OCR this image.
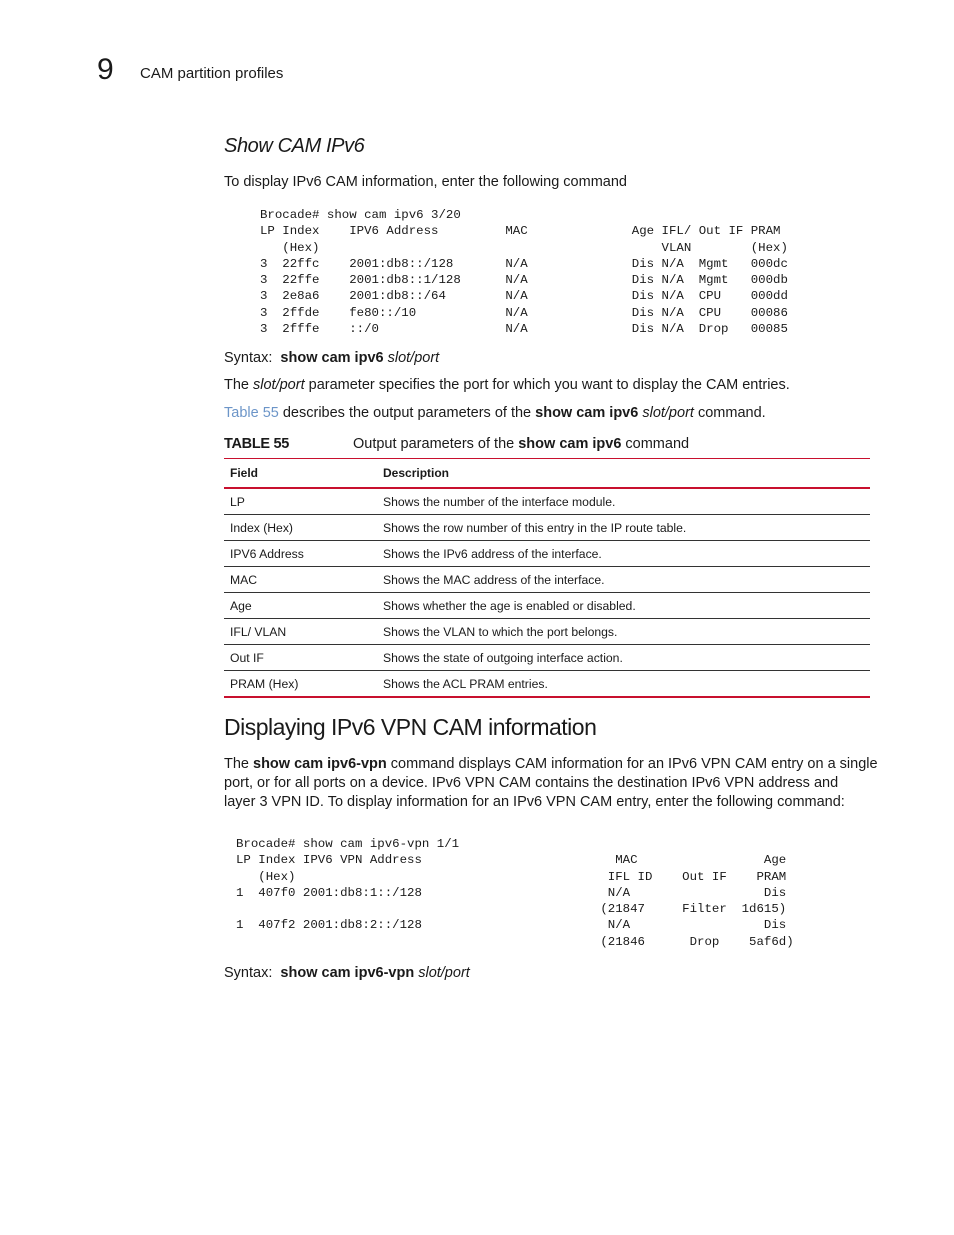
9 CAM partition profiles
Show CAM IPv6
To display IPv6 CAM information, enter the following command
Brocade# show cam ipv6 3/20
LP Index    IPV6 Address         MAC              Age IFL/ Out IF PRAM
(Hex)                                              VLAN        (Hex)
3  22ffc    2001:db8::/128       N/A              Dis N/A  Mgmt   000dc
3  22ffe    2001:db8::1/128      N/A              Dis N/A  Mgmt   000db
3  2e8a6    2001:db8::/64        N/A              Dis N/A  CPU    000dd
3  2ffde    fe80::/10            N/A              Dis N/A  CPU    00086
3  2fffe    ::/0                 N/A              Dis N/A  Drop   00085
Syntax: show cam ipv6 slot/port
The slot/port parameter specifies the port for which you want to display the CAM entries.
Table 55 describes the output parameters of the show cam ipv6 slot/port command.
TABLE 55	Output parameters of the show cam ipv6 command
Field	Description
LP	Shows the number of the interface module.
Index (Hex)	Shows the row number of this entry in the IP route table.
IPV6 Address	Shows the IPv6 address of the interface.
MAC	Shows the MAC address of the interface.
Age	Shows whether the age is enabled or disabled.
IFL/ VLAN	Shows the VLAN to which the port belongs.
Out IF	Shows the state of outgoing interface action.
PRAM (Hex)	Shows the ACL PRAM entries.
Displaying IPv6 VPN CAM information
The show cam ipv6-vpn command displays CAM information for an IPv6 VPN CAM entry on a single
port, or for all ports on a device. IPv6 VPN CAM contains the destination IPv6 VPN address and
layer 3 VPN ID. To display information for an IPv6 VPN CAM entry, enter the following command:
Brocade# show cam ipv6-vpn 1/1
LP Index IPV6 VPN Address                          MAC                 Age
(Hex)                                          IFL ID    Out IF    PRAM
1  407f0 2001:db8:1::/128                         N/A                  Dis
(21847     Filter  1d615)
1  407f2 2001:db8:2::/128                         N/A                  Dis
(21846      Drop    5af6d)
Syntax: show cam ipv6-vpn slot/port
